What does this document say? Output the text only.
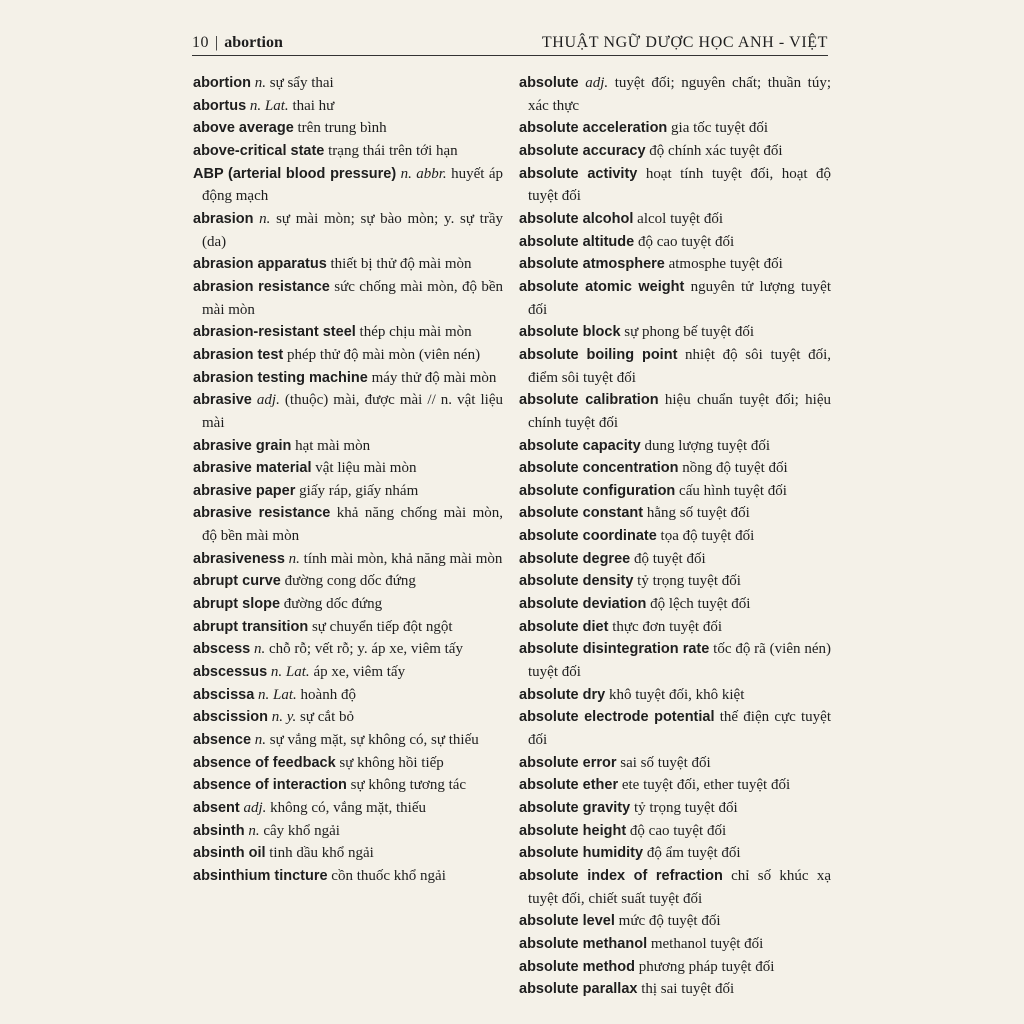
10 | abortion	THUẬT NGỮ DƯỢC HỌC ANH - VIỆT
abortion n. sự sẩy thai
abortus n. Lat. thai hư
above average trên trung bình
above-critical state trạng thái trên tới hạn
ABP (arterial blood pressure) n. abbr. huyết áp động mạch
abrasion n. sự mài mòn; sự bào mòn; y. sự trầy (da)
abrasion apparatus thiết bị thử độ mài mòn
abrasion resistance sức chống mài mòn, độ bền mài mòn
abrasion-resistant steel thép chịu mài mòn
abrasion test phép thử độ mài mòn (viên nén)
abrasion testing machine máy thử độ mài mòn
abrasive adj. (thuộc) mài, được mài // n. vật liệu mài
abrasive grain hạt mài mòn
abrasive material vật liệu mài mòn
abrasive paper giấy ráp, giấy nhám
abrasive resistance khả năng chống mài mòn, độ bền mài mòn
abrasiveness n. tính mài mòn, khả năng mài mòn
abrupt curve đường cong dốc đứng
abrupt slope đường dốc đứng
abrupt transition sự chuyển tiếp đột ngột
abscess n. chỗ rỗ; vết rỗ; y. áp xe, viêm tấy
abscessus n. Lat. áp xe, viêm tấy
abscissa n. Lat. hoành độ
abscission n. y. sự cắt bỏ
absence n. sự vắng mặt, sự không có, sự thiếu
absence of feedback sự không hồi tiếp
absence of interaction sự không tương tác
absent adj. không có, vắng mặt, thiếu
absinth n. cây khổ ngải
absinth oil tinh dầu khổ ngải
absinthium tincture cồn thuốc khổ ngải
absolute adj. tuyệt đối; nguyên chất; thuần túy; xác thực
absolute acceleration gia tốc tuyệt đối
absolute accuracy độ chính xác tuyệt đối
absolute activity hoạt tính tuyệt đối, hoạt độ tuyệt đối
absolute alcohol alcol tuyệt đối
absolute altitude độ cao tuyệt đối
absolute atmosphere atmosphe tuyệt đối
absolute atomic weight nguyên tử lượng tuyệt đối
absolute block sự phong bế tuyệt đối
absolute boiling point nhiệt độ sôi tuyệt đối, điểm sôi tuyệt đối
absolute calibration hiệu chuẩn tuyệt đối; hiệu chính tuyệt đối
absolute capacity dung lượng tuyệt đối
absolute concentration nồng độ tuyệt đối
absolute configuration cấu hình tuyệt đối
absolute constant hằng số tuyệt đối
absolute coordinate tọa độ tuyệt đối
absolute degree độ tuyệt đối
absolute density tỷ trọng tuyệt đối
absolute deviation độ lệch tuyệt đối
absolute diet thực đơn tuyệt đối
absolute disintegration rate tốc độ rã (viên nén) tuyệt đối
absolute dry khô tuyệt đối, khô kiệt
absolute electrode potential thế điện cực tuyệt đối
absolute error sai số tuyệt đối
absolute ether ete tuyệt đối, ether tuyệt đối
absolute gravity tỷ trọng tuyệt đối
absolute height độ cao tuyệt đối
absolute humidity độ ẩm tuyệt đối
absolute index of refraction chỉ số khúc xạ tuyệt đối, chiết suất tuyệt đối
absolute level mức độ tuyệt đối
absolute methanol methanol tuyệt đối
absolute method phương pháp tuyệt đối
absolute parallax thị sai tuyệt đối
